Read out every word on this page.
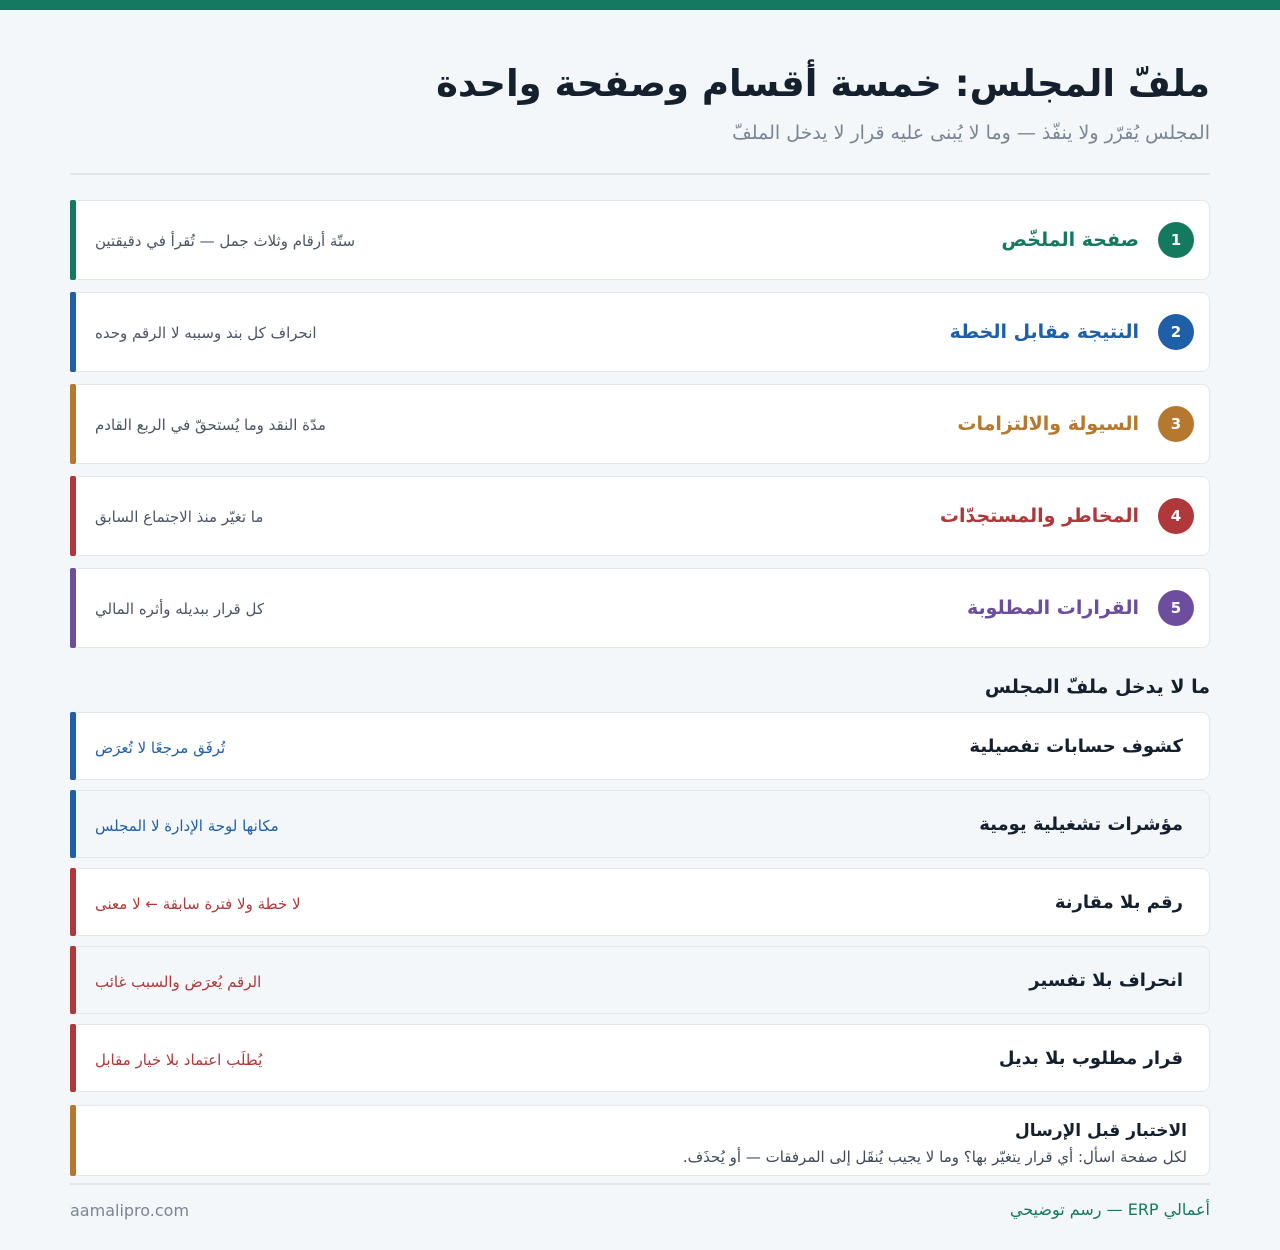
ملفّ المجلس: خمسة أقسام وصفحة واحدة
المجلس يُقرّر ولا ينفّذ — وما لا يُبنى عليه قرار لا يدخل الملفّ
1
صفحة الملخّص
ستّة أرقام وثلاث جمل — تُقرأ في دقيقتين
2
النتيجة مقابل الخطة
انحراف كل بند وسببه لا الرقم وحده
3
السيولة والالتزامات
مدّة النقد وما يُستحقّ في الربع القادم
4
المخاطر والمستجدّات
ما تغيّر منذ الاجتماع السابق
5
القرارات المطلوبة
كل قرار ببديله وأثره المالي
ما لا يدخل ملفّ المجلس
كشوف حسابات تفصيلية
تُرفَق مرجعًا لا تُعرَض
مؤشرات تشغيلية يومية
مكانها لوحة الإدارة لا المجلس
رقم بلا مقارنة
لا خطة ولا فترة سابقة ← لا معنى
انحراف بلا تفسير
الرقم يُعرَض والسبب غائب
قرار مطلوب بلا بديل
يُطلَب اعتماد بلا خيار مقابل
الاختبار قبل الإرسال
لكل صفحة اسأل: أي قرار يتغيّر بها؟ وما لا يجيب يُنقَل إلى المرفقات — أو يُحذَف.
أعمالي ERP — رسم توضيحي
aamalipro.com
